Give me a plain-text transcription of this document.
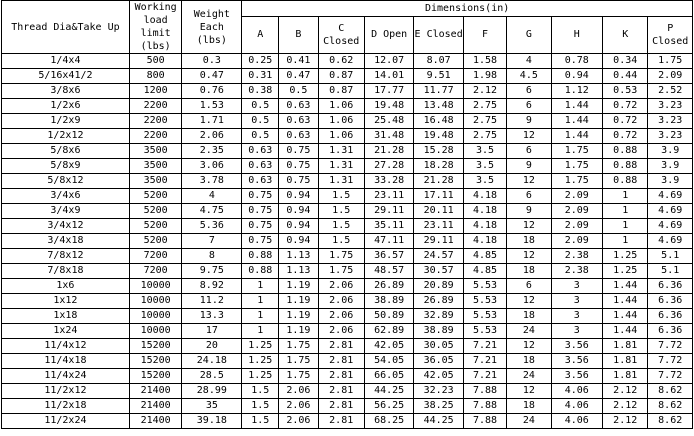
Thread Dia&Take Up	Working load limit (lbs)	Weight Each (lbs)	Dimensions(in)									
			A	B	C Closed	D Open	E Closed	F	G	H	K	P Closed
1/4x4	500	0.3	0.25	0.41	0.62	12.07	8.07	1.58	4	0.78	0.34	1.75
5/16x41/2	800	0.47	0.31	0.47	0.87	14.01	9.51	1.98	4.5	0.94	0.44	2.09
3/8x6	1200	0.76	0.38	0.5	0.87	17.77	11.77	2.12	6	1.12	0.53	2.52
1/2x6	2200	1.53	0.5	0.63	1.06	19.48	13.48	2.75	6	1.44	0.72	3.23
1/2x9	2200	1.71	0.5	0.63	1.06	25.48	16.48	2.75	9	1.44	0.72	3.23
1/2x12	2200	2.06	0.5	0.63	1.06	31.48	19.48	2.75	12	1.44	0.72	3.23
5/8x6	3500	2.35	0.63	0.75	1.31	21.28	15.28	3.5	6	1.75	0.88	3.9
5/8x9	3500	3.06	0.63	0.75	1.31	27.28	18.28	3.5	9	1.75	0.88	3.9
5/8x12	3500	3.78	0.63	0.75	1.31	33.28	21.28	3.5	12	1.75	0.88	3.9
3/4x6	5200	4	0.75	0.94	1.5	23.11	17.11	4.18	6	2.09	1	4.69
3/4x9	5200	4.75	0.75	0.94	1.5	29.11	20.11	4.18	9	2.09	1	4.69
3/4x12	5200	5.36	0.75	0.94	1.5	35.11	23.11	4.18	12	2.09	1	4.69
3/4x18	5200	7	0.75	0.94	1.5	47.11	29.11	4.18	18	2.09	1	4.69
7/8x12	7200	8	0.88	1.13	1.75	36.57	24.57	4.85	12	2.38	1.25	5.1
7/8x18	7200	9.75	0.88	1.13	1.75	48.57	30.57	4.85	18	2.38	1.25	5.1
1x6	10000	8.92	1	1.19	2.06	26.89	20.89	5.53	6	3	1.44	6.36
1x12	10000	11.2	1	1.19	2.06	38.89	26.89	5.53	12	3	1.44	6.36
1x18	10000	13.3	1	1.19	2.06	50.89	32.89	5.53	18	3	1.44	6.36
1x24	10000	17	1	1.19	2.06	62.89	38.89	5.53	24	3	1.44	6.36
11/4x12	15200	20	1.25	1.75	2.81	42.05	30.05	7.21	12	3.56	1.81	7.72
11/4x18	15200	24.18	1.25	1.75	2.81	54.05	36.05	7.21	18	3.56	1.81	7.72
11/4x24	15200	28.5	1.25	1.75	2.81	66.05	42.05	7.21	24	3.56	1.81	7.72
11/2x12	21400	28.99	1.5	2.06	2.81	44.25	32.23	7.88	12	4.06	2.12	8.62
11/2x18	21400	35	1.5	2.06	2.81	56.25	38.25	7.88	18	4.06	2.12	8.62
11/2x24	21400	39.18	1.5	2.06	2.81	68.25	44.25	7.88	24	4.06	2.12	8.62
